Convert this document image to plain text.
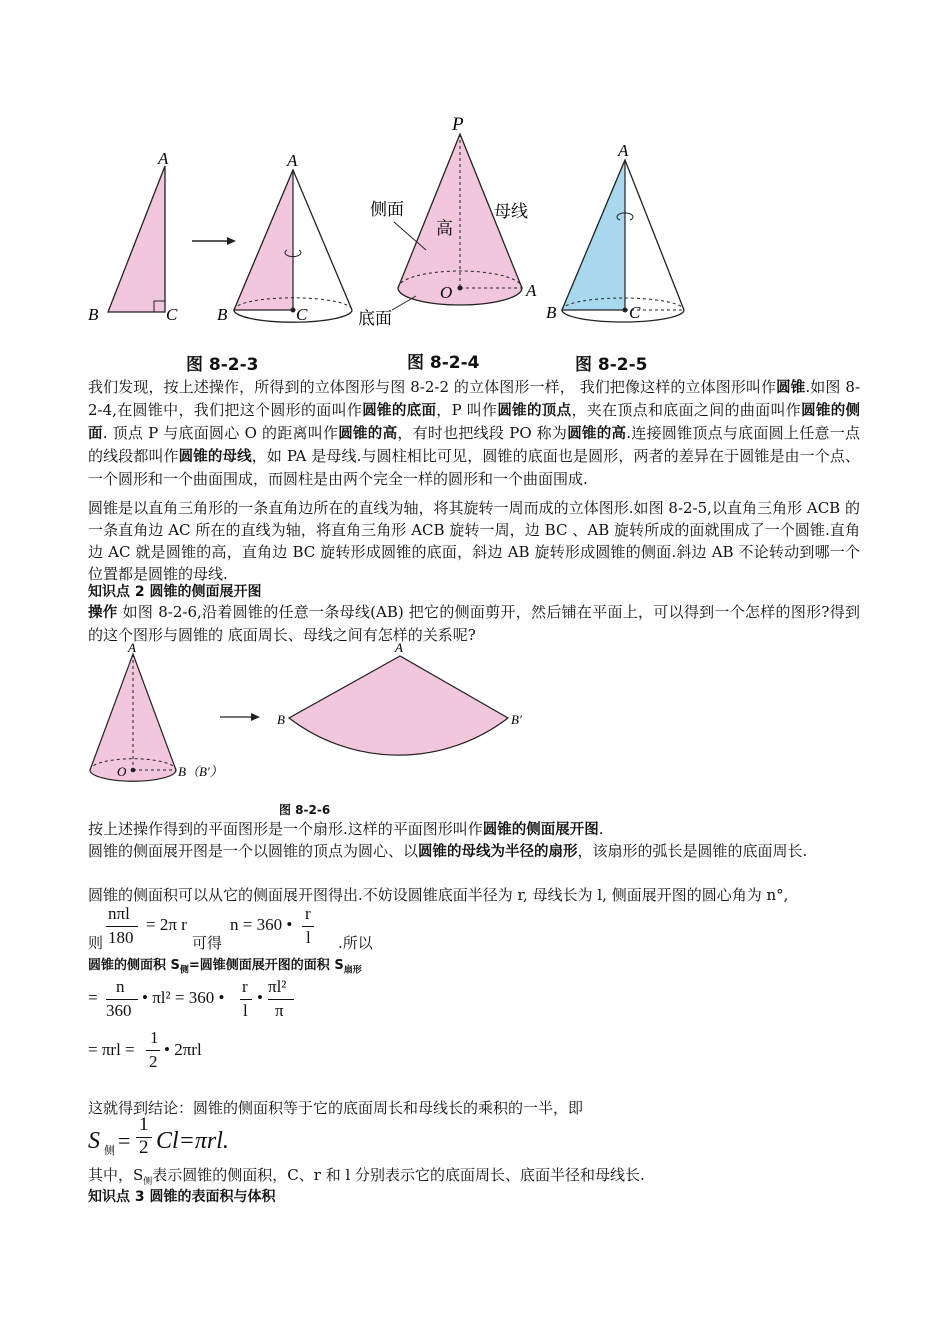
A
B	C
A
B	C
P
O	A
侧面
高
母线
底面
A
B	C
图 8-2-3	图 8-2-4	图 8-2-5
我们发现，按上述操作，所得到的立体图形与图 8-2-2 的立体图形一样， 我们把像这样的立体图形叫作圆锥.如图 8-2-4,在圆锥中，我们把这个圆形的面叫作圆锥的底面，P 叫作圆锥的顶点，夹在顶点和底面之间的曲面叫作圆锥的侧面. 顶点 P 与底面圆心 O 的距离叫作圆锥的高，有时也把线段 PO 称为圆锥的高.连接圆锥顶点与底面圆上任意一点的线段都叫作圆锥的母线，如 PA 是母线.与圆柱相比可见，圆锥的底面也是圆形，两者的差异在于圆锥是由一个点、一个圆形和一个曲面围成，而圆柱是由两个完全一样的圆形和一个曲面围成.
圆锥是以直角三角形的一条直角边所在的直线为轴，将其旋转一周而成的立体图形.如图 8-2-5,以直角三角形 ACB 的一条直角边 AC 所在的直线为轴，将直角三角形 ACB 旋转一周，边 BC 、AB 旋转所成的面就围成了一个圆锥.直角边 AC 就是圆锥的高，直角边 BC 旋转形成圆锥的底面，斜边 AB 旋转形成圆锥的侧面.斜边 AB 不论转动到哪一个位置都是圆锥的母线.
知识点 2 圆锥的侧面展开图
操作 如图 8-2-6,沿着圆锥的任意一条母线(AB) 把它的侧面剪开，然后铺在平面上，可以得到一个怎样的图形?得到的这个图形与圆锥的 底面周长、母线之间有怎样的关系呢?
A
O	B（B′）
A
B	B′
图 8-2-6
按上述操作得到的平面图形是一个扇形.这样的平面图形叫作圆锥的侧面展开图.
圆锥的侧面展开图是一个以圆锥的顶点为圆心、以圆锥的母线为半径的扇形，该扇形的弧长是圆锥的底面周长.
圆锥的侧面积可以从它的侧面展开图得出.不妨设圆锥底面半径为 r, 母线长为 l, 侧面展开图的圆心角为 n°,
则
nπl
180
= 2π r
可得
n = 360 •
r
l .所以
圆锥的侧面积 $S_侧=$圆锥侧面展开图的面积 $S_{扇形}$
=
n
360
• πl² = 360 •
r
l
•
πl²
π
= πrl =
1
2
• 2πrl
这就得到结论：圆锥的侧面积等于它的底面周长和母线长的乘积的一半，即
S 侧 =
1
2 Cl=πrl.
其中，$S_侧$表示圆锥的侧面积，C、r 和 l 分别表示它的底面周长、底面半径和母线长.
知识点 3 圆锥的表面积与体积
